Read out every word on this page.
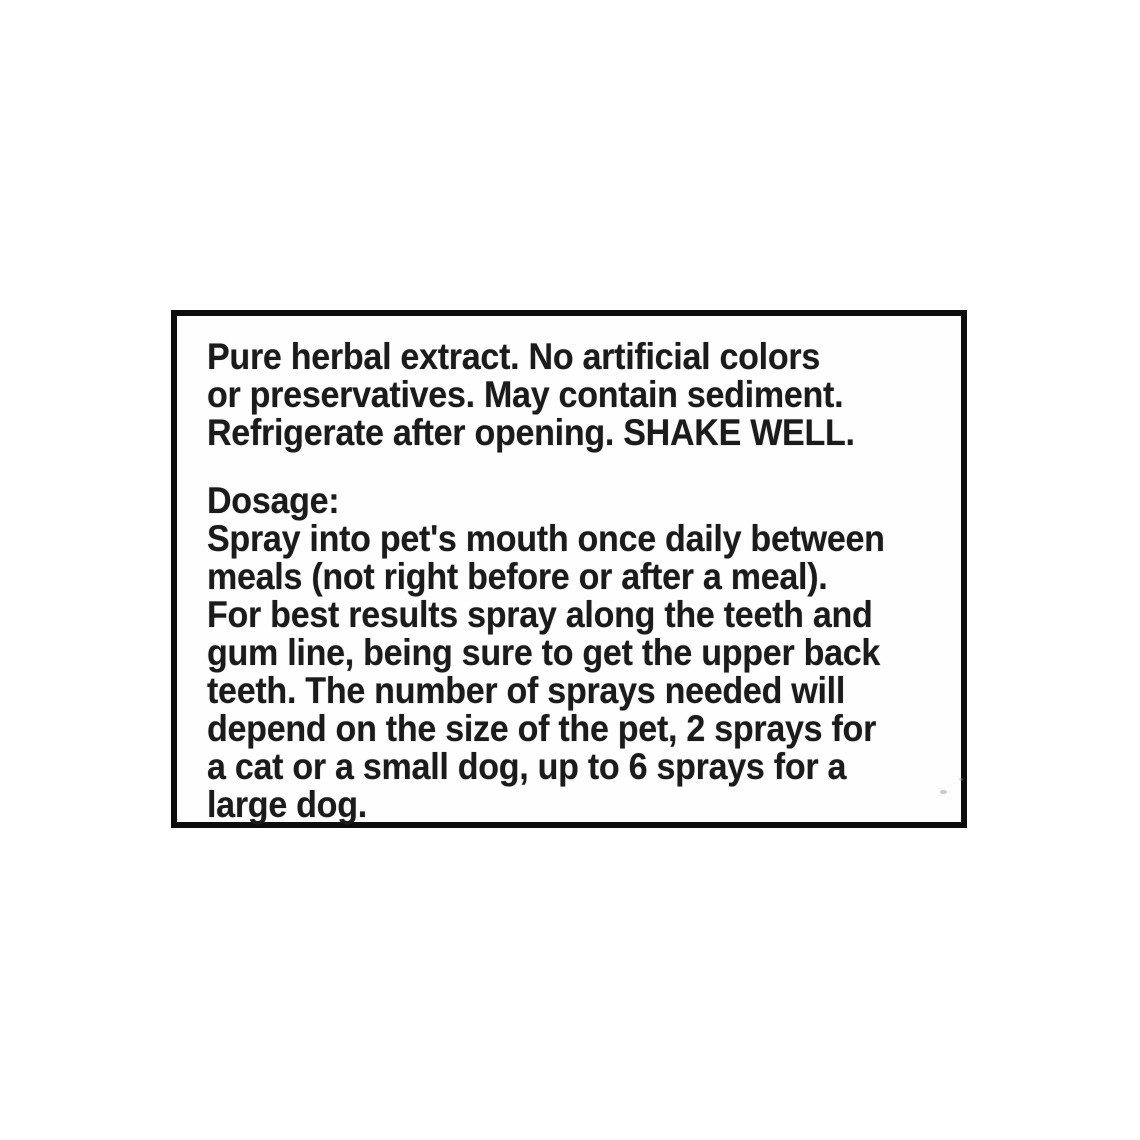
Pure herbal extract. No artificial colors
or preservatives. May contain sediment.
Refrigerate after opening. SHAKE WELL.
Dosage:
Spray into pet's mouth once daily between
meals (not right before or after a meal).
For best results spray along the teeth and
gum line, being sure to get the upper back
teeth. The number of sprays needed will
depend on the size of the pet, 2 sprays for
a cat or a small dog, up to 6 sprays for a
large dog.
